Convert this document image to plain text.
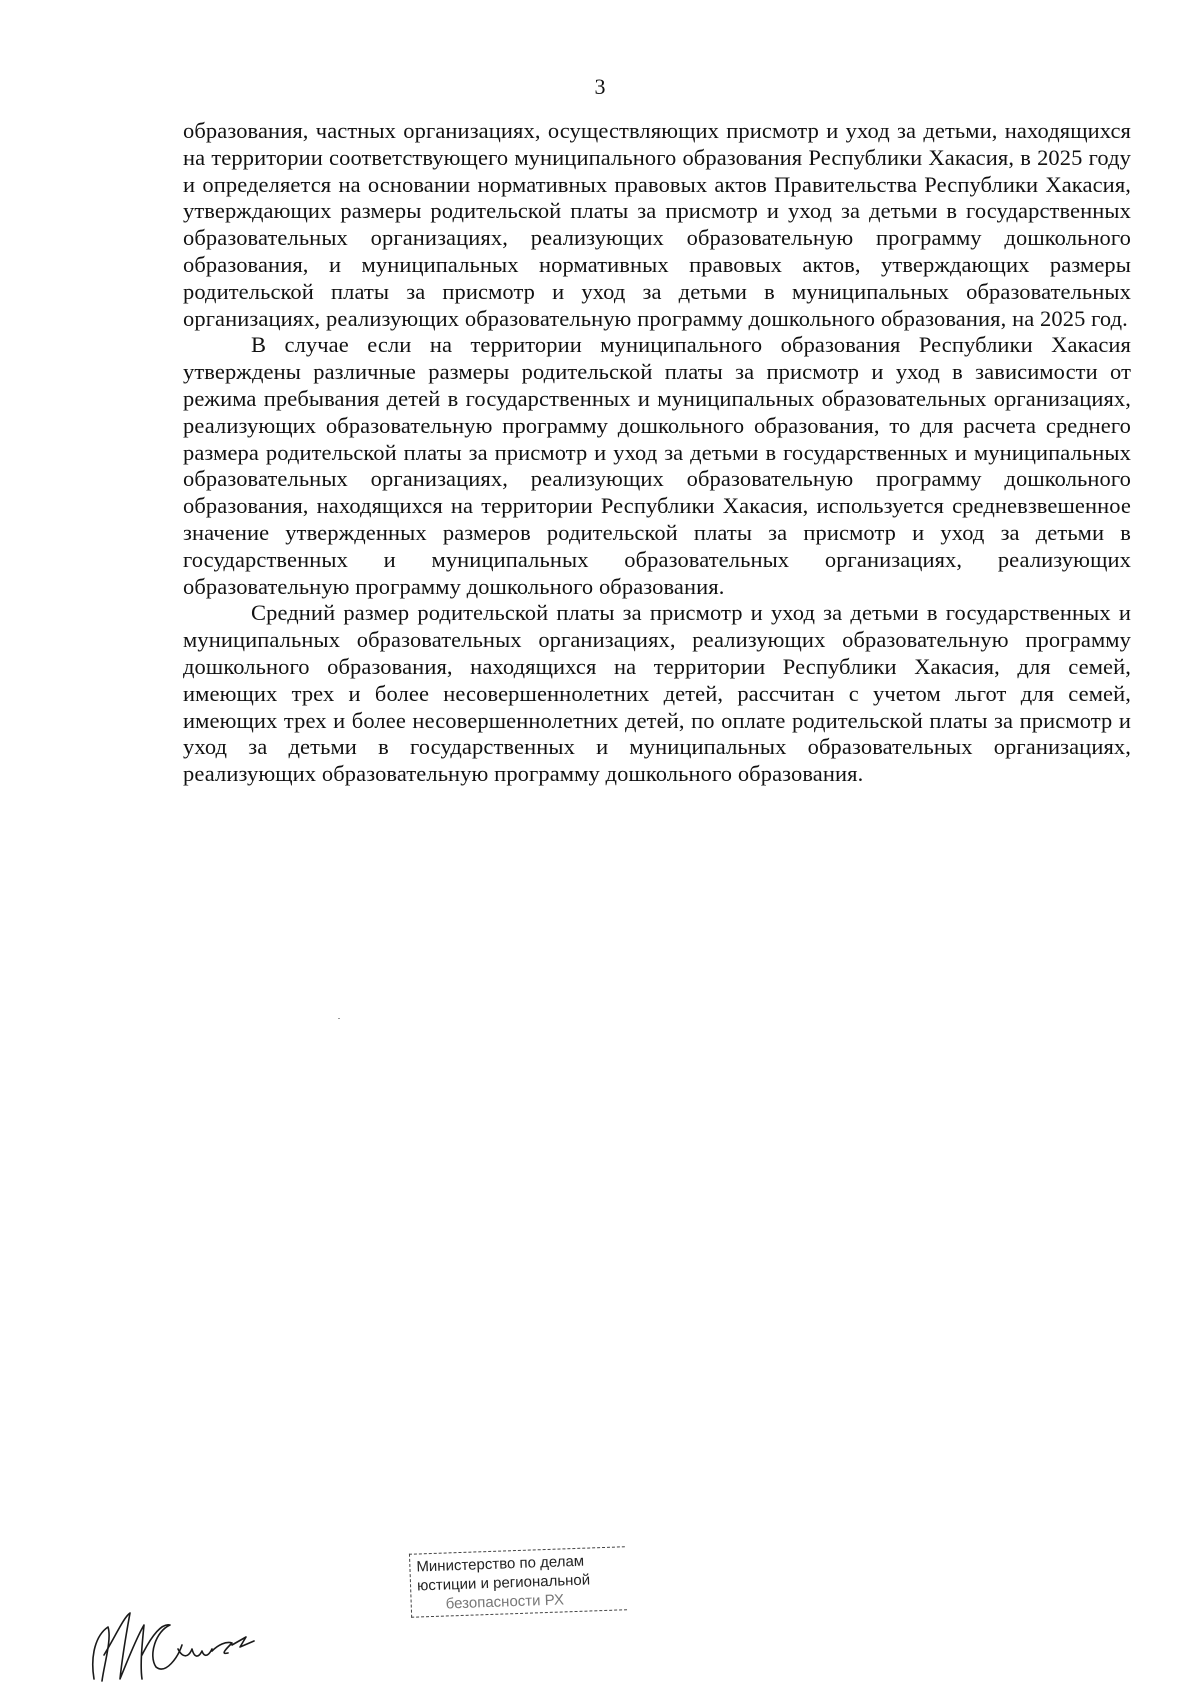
3

образования, частных организациях, осуществляющих присмотр и уход за детьми, находящихся на территории соответствующего муниципального образования Республики Хакасия, в 2025 году и определяется на основании нормативных правовых актов Правительства Республики Хакасия, утверждающих размеры родительской платы за присмотр и уход за детьми в государственных образовательных организациях, реализующих образовательную программу дошкольного образования, и муниципальных нормативных правовых актов, утверждающих размеры родительской платы за присмотр и уход за детьми в муниципальных образовательных организациях, реализующих образовательную программу дошкольного образования, на 2025 год.

В случае если на территории муниципального образования Республики Хакасия утверждены различные размеры родительской платы за присмотр и уход в зависимости от режима пребывания детей в государственных и муниципальных образовательных организациях, реализующих образовательную программу дошкольного образования, то для расчета среднего размера родительской платы за присмотр и уход за детьми в государственных и муниципальных образовательных организациях, реализующих образовательную программу дошкольного образования, находящихся на территории Республики Хакасия, используется средневзвешенное значение утвержденных размеров родительской платы за присмотр и уход за детьми в государственных и муниципальных образовательных организациях, реализующих образовательную программу дошкольного образования.

Средний размер родительской платы за присмотр и уход за детьми в государственных и муниципальных образовательных организациях, реализующих образовательную программу дошкольного образования, находящихся на территории Республики Хакасия, для семей, имеющих трех и более несовершеннолетних детей, рассчитан с учетом льгот для семей, имеющих трех и более несовершеннолетних детей, по оплате родительской платы за присмотр и уход за детьми в государственных и муниципальных образовательных организациях, реализующих образовательную программу дошкольного образования.

Министерство по делам
юстиции и региональной
безопасности РХ
